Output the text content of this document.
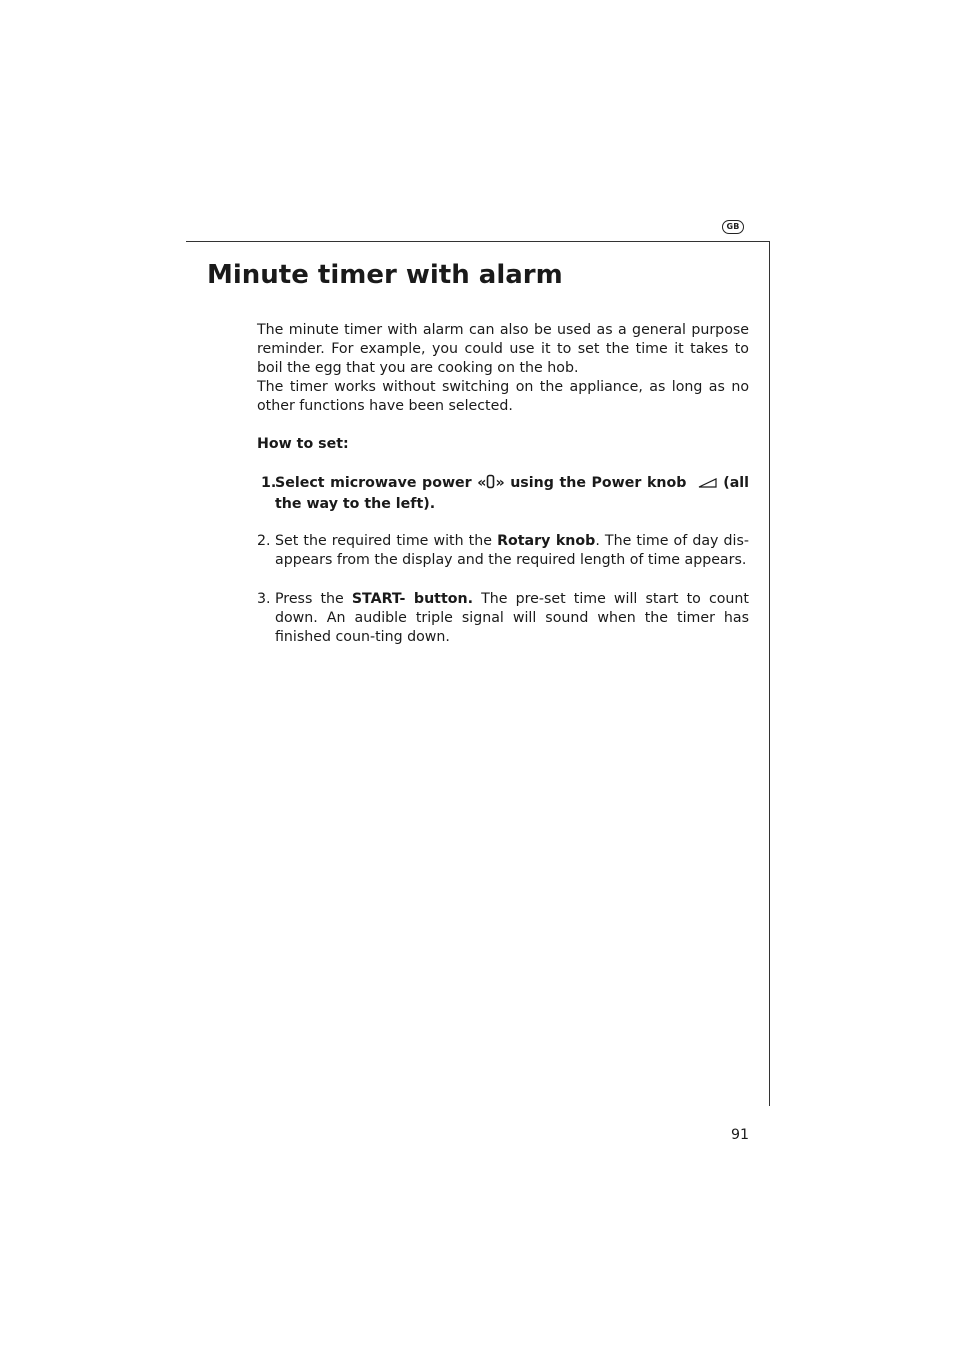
GB
Minute timer with alarm

The minute timer with alarm can also be used as a general purpose reminder. For example, you could use it to set the time it takes to boil the egg that you are cooking on the hob.

The timer works without switching on the appliance, as long as no other functions have been selected.

How to set:

1.
Select microwave power « » using the Power knob   (all the way to the left).
2. Set the required time with the Rotary knob. The time of day dis-appears from the display and the required length of time appears.
3. Press the START- button. The pre-set time will start to count down. An audible triple signal will sound when the timer has finished coun-ting down.
91
